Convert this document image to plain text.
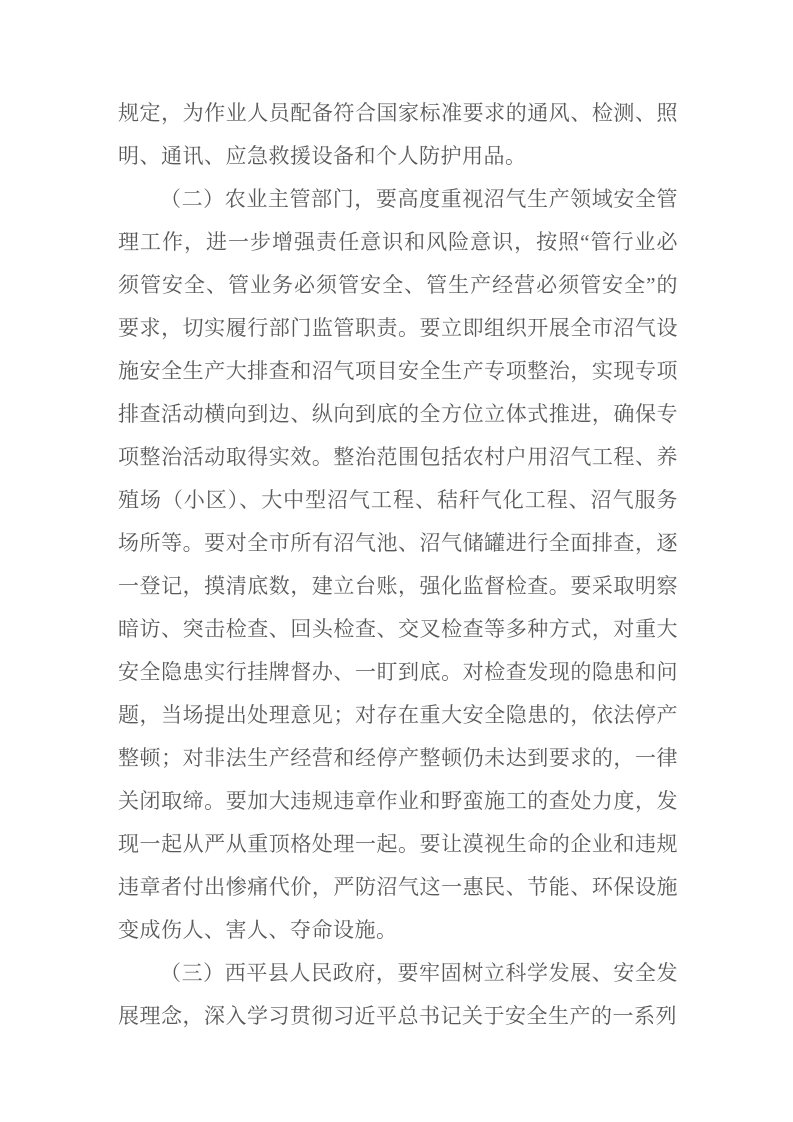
规定，为作业人员配备符合国家标准要求的通风、检测、照明、通讯、应急救援设备和个人防护用品。

（二）农业主管部门，要高度重视沼气生产领域安全管理工作，进一步增强责任意识和风险意识，按照“管行业必须管安全、管业务必须管安全、管生产经营必须管安全”的要求，切实履行部门监管职责。要立即组织开展全市沼气设施安全生产大排查和沼气项目安全生产专项整治，实现专项排查活动横向到边、纵向到底的全方位立体式推进，确保专项整治活动取得实效。整治范围包括农村户用沼气工程、养殖场（小区）、大中型沼气工程、秸秆气化工程、沼气服务场所等。要对全市所有沼气池、沼气储罐进行全面排查，逐一登记，摸清底数，建立台账，强化监督检查。要采取明察暗访、突击检查、回头检查、交叉检查等多种方式，对重大安全隐患实行挂牌督办、一盯到底。对检查发现的隐患和问题，当场提出处理意见；对存在重大安全隐患的，依法停产整顿；对非法生产经营和经停产整顿仍未达到要求的，一律关闭取缔。要加大违规违章作业和野蛮施工的查处力度，发现一起从严从重顶格处理一起。要让漠视生命的企业和违规违章者付出惨痛代价，严防沼气这一惠民、节能、环保设施变成伤人、害人、夺命设施。

（三）西平县人民政府，要牢固树立科学发展、安全发展理念，深入学习贯彻习近平总书记关于安全生产的一系列
